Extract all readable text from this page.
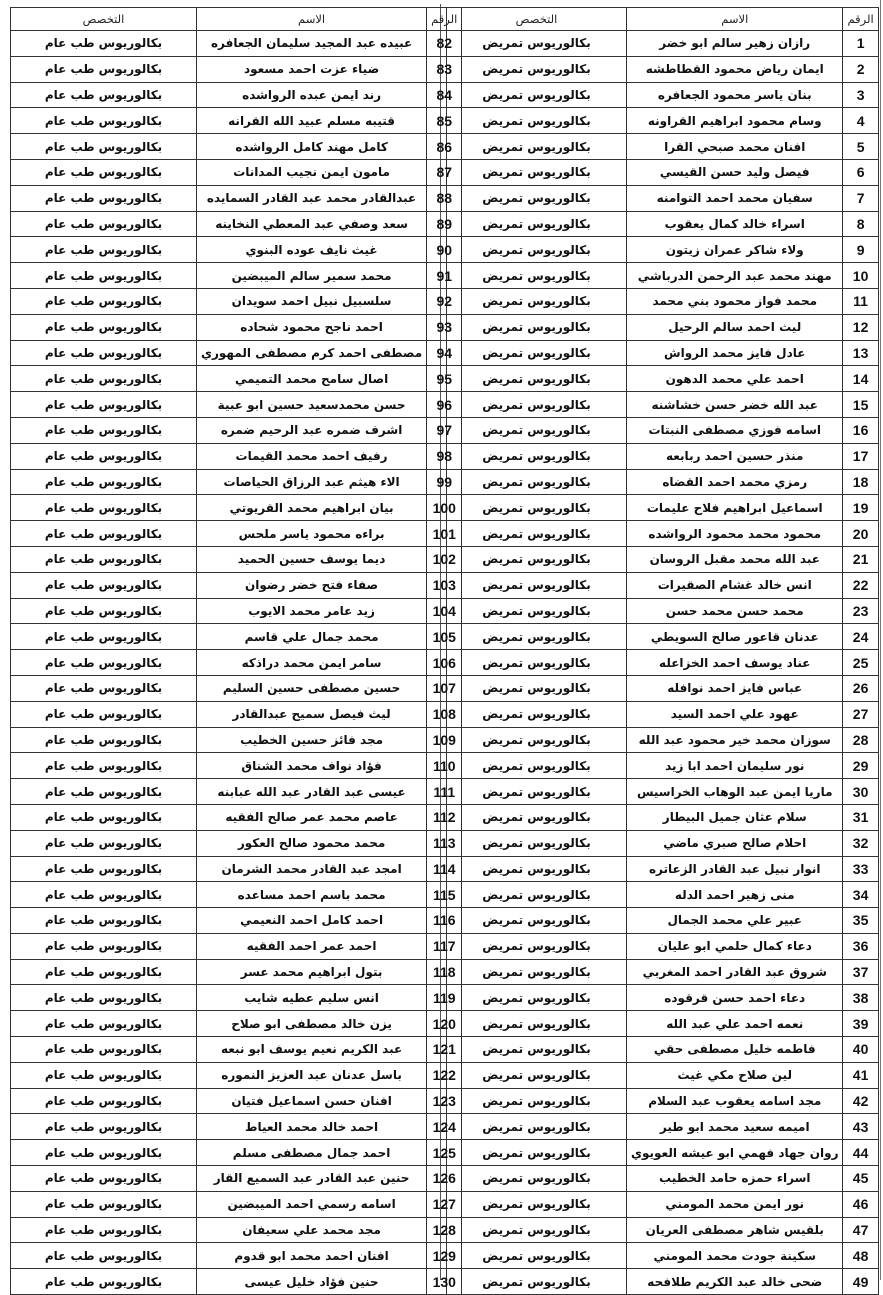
الرقم	الاسم	التخصص
1	رازان زهير سالم ابو خضر	بكالوريوس تمريض
2	ايمان رياض محمود القطاطشه	بكالوريوس تمريض
3	بنان ياسر محمود الجعافره	بكالوريوس تمريض
4	وسام محمود ابراهيم القراونه	بكالوريوس تمريض
5	افنان محمد صبحي القرا	بكالوريوس تمريض
6	فيصل وليد حسن القيسي	بكالوريوس تمريض
7	سفيان محمد احمد التوامنه	بكالوريوس تمريض
8	اسراء خالد كمال يعقوب	بكالوريوس تمريض
9	ولاء شاكر عمران زيتون	بكالوريوس تمريض
10	مهند محمد عبد الرحمن الدرباشي	بكالوريوس تمريض
11	محمد فواز محمود بني محمد	بكالوريوس تمريض
12	ليث احمد سالم الرحيل	بكالوريوس تمريض
13	عادل فايز محمد الرواش	بكالوريوس تمريض
14	احمد علي محمد الدهون	بكالوريوس تمريض
15	عبد الله خضر حسن خشاشنه	بكالوريوس تمريض
16	اسامه فوزي مصطفى النبتات	بكالوريوس تمريض
17	منذر حسين احمد ربابعه	بكالوريوس تمريض
18	رمزي محمد احمد القضاه	بكالوريوس تمريض
19	اسماعيل ابراهيم فلاح عليمات	بكالوريوس تمريض
20	محمود محمد محمود الرواشده	بكالوريوس تمريض
21	عبد الله محمد مقبل الروسان	بكالوريوس تمريض
22	انس خالد غشام الصقيرات	بكالوريوس تمريض
23	محمد حسن محمد حسن	بكالوريوس تمريض
24	عدنان قاعور صالح السويطي	بكالوريوس تمريض
25	عناد يوسف احمد الخزاعله	بكالوريوس تمريض
26	عباس فايز احمد نوافله	بكالوريوس تمريض
27	عهود علي احمد السيد	بكالوريوس تمريض
28	سوزان محمد خير محمود عبد الله	بكالوريوس تمريض
29	نور سليمان احمد ابا زيد	بكالوريوس تمريض
30	ماريا ايمن عبد الوهاب الخراسيس	بكالوريوس تمريض
31	سلام عثان جميل البيطار	بكالوريوس تمريض
32	احلام صالح صبري ماضي	بكالوريوس تمريض
33	انوار نبيل عبد القادر الزعاتره	بكالوريوس تمريض
34	منى زهير احمد الدله	بكالوريوس تمريض
35	عبير علي محمد الجمال	بكالوريوس تمريض
36	دعاء كمال حلمي ابو عليان	بكالوريوس تمريض
37	شروق عبد القادر احمد المغربي	بكالوريوس تمريض
38	دعاء احمد حسن قرقوده	بكالوريوس تمريض
39	نعمه احمد علي عبد الله	بكالوريوس تمريض
40	فاطمه خليل مصطفى حقي	بكالوريوس تمريض
41	لين صلاح مكي غيث	بكالوريوس تمريض
42	مجد اسامه يعقوب عبد السلام	بكالوريوس تمريض
43	اميمه سعيد محمد ابو طير	بكالوريوس تمريض
44	روان جهاد فهمي ابو عيشه العويوي	بكالوريوس تمريض
45	اسراء حمزه حامد الخطيب	بكالوريوس تمريض
46	نور ايمن محمد المومني	بكالوريوس تمريض
47	بلقيس شاهر مصطفى العريان	بكالوريوس تمريض
48	سكينة جودت محمد المومني	بكالوريوس تمريض
49	ضحى خالد عبد الكريم طلافحه	بكالوريوس تمريض
الرقم	الاسم	التخصص
82	عبيده عبد المجيد سليمان الجعافره	بكالوريوس طب عام
83	ضياء عزت احمد مسعود	بكالوريوس طب عام
84	رند ايمن عبده الرواشده	بكالوريوس طب عام
85	قتيبه مسلم عبيد الله القرانه	بكالوريوس طب عام
86	كامل مهند كامل الرواشده	بكالوريوس طب عام
87	مامون ايمن نجيب المدانات	بكالوريوس طب عام
88	عبدالقادر محمد عبد القادر السمايده	بكالوريوس طب عام
89	سعد وصفي عبد المعطي النخاينه	بكالوريوس طب عام
90	غيث نايف عوده البنوي	بكالوريوس طب عام
91	محمد سمير سالم الميبضين	بكالوريوس طب عام
92	سلسبيل نبيل احمد سويدان	بكالوريوس طب عام
93	احمد ناجح محمود شحاده	بكالوريوس طب عام
94	مصطفى احمد كرم مصطفى المهوري	بكالوريوس طب عام
95	اصال سامح محمد التميمي	بكالوريوس طب عام
96	حسن محمدسعيد حسين ابو عبية	بكالوريوس طب عام
97	اشرف ضمره عبد الرحيم ضمره	بكالوريوس طب عام
98	رفيف احمد محمد القيمات	بكالوريوس طب عام
99	الاء هيثم عبد الرزاق الحياصات	بكالوريوس طب عام
100	بيان ابراهيم محمد القريوتي	بكالوريوس طب عام
101	براءه محمود ياسر ملحس	بكالوريوس طب عام
102	ديما يوسف حسين الحميد	بكالوريوس طب عام
103	صفاء فتح خضر رضوان	بكالوريوس طب عام
104	زيد عامر محمد الايوب	بكالوريوس طب عام
105	محمد جمال علي قاسم	بكالوريوس طب عام
106	سامر ايمن محمد دراذكه	بكالوريوس طب عام
107	حسين مصطفى حسين السليم	بكالوريوس طب عام
108	ليث فيصل سميح عبدالقادر	بكالوريوس طب عام
109	مجد فائز حسين الخطيب	بكالوريوس طب عام
110	فؤاد نواف محمد الشناق	بكالوريوس طب عام
111	عيسى عبد القادر عبد الله عبابنه	بكالوريوس طب عام
112	عاصم محمد عمر صالح الفقيه	بكالوريوس طب عام
113	محمد محمود صالح العكور	بكالوريوس طب عام
114	امجد عبد القادر محمد الشرمان	بكالوريوس طب عام
115	محمد باسم احمد مساعده	بكالوريوس طب عام
116	احمد كامل احمد النعيمي	بكالوريوس طب عام
117	احمد عمر احمد الفقيه	بكالوريوس طب عام
118	بتول ابراهيم محمد عسر	بكالوريوس طب عام
119	انس سليم عطيه شايب	بكالوريوس طب عام
120	يزن خالد مصطفى ابو صلاح	بكالوريوس طب عام
121	عبد الكريم نعيم يوسف ابو نبعه	بكالوريوس طب عام
122	باسل عدنان عبد العزيز النموره	بكالوريوس طب عام
123	افنان حسن اسماعيل فتيان	بكالوريوس طب عام
124	احمد خالد محمد العياط	بكالوريوس طب عام
125	احمد جمال مصطفى مسلم	بكالوريوس طب عام
126	حنين عبد القادر عبد السميع القار	بكالوريوس طب عام
127	اسامه رسمي احمد الميبضين	بكالوريوس طب عام
128	مجد محمد علي سعيفان	بكالوريوس طب عام
129	افنان احمد محمد ابو قدوم	بكالوريوس طب عام
130	حنين فؤاد خليل عيسى	بكالوريوس طب عام
